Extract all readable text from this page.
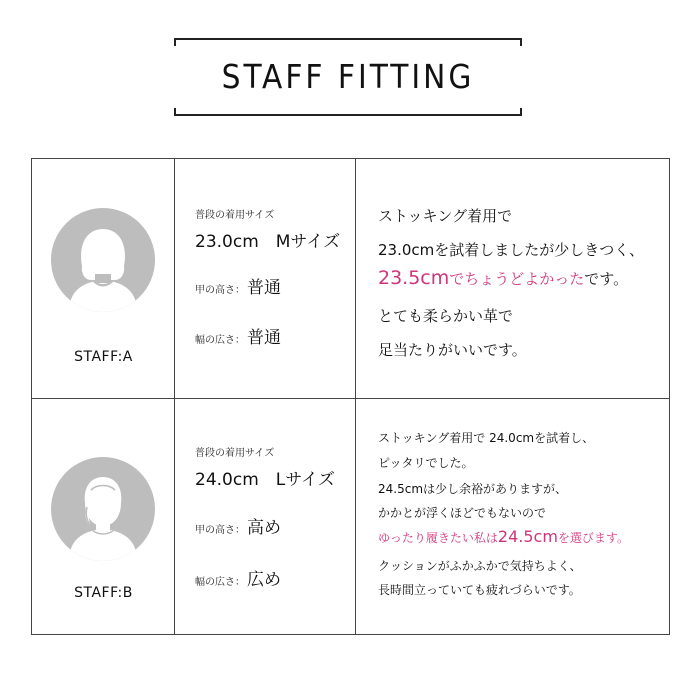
STAFF FITTING
STAFF:A
普段の着用サイズ
23.0cm　Mサイズ
甲の高さ： 普通
幅の広さ： 普通
ストッキング着用で
23.0cmを試着しましたが少しきつく、
23.5cmでちょうどよかったです。
とても柔らかい革で
足当たりがいいです。
STAFF:B
普段の着用サイズ
24.0cm　Lサイズ
甲の高さ： 高め
幅の広さ： 広め
ストッキング着用で 24.0cmを試着し、
ピッタリでした。
24.5cmは少し余裕がありますが、
かかとが浮くほどでもないので
ゆったり履きたい私は24.5cmを選びます。
クッションがふかふかで気持ちよく、
長時間立っていても疲れづらいです。
